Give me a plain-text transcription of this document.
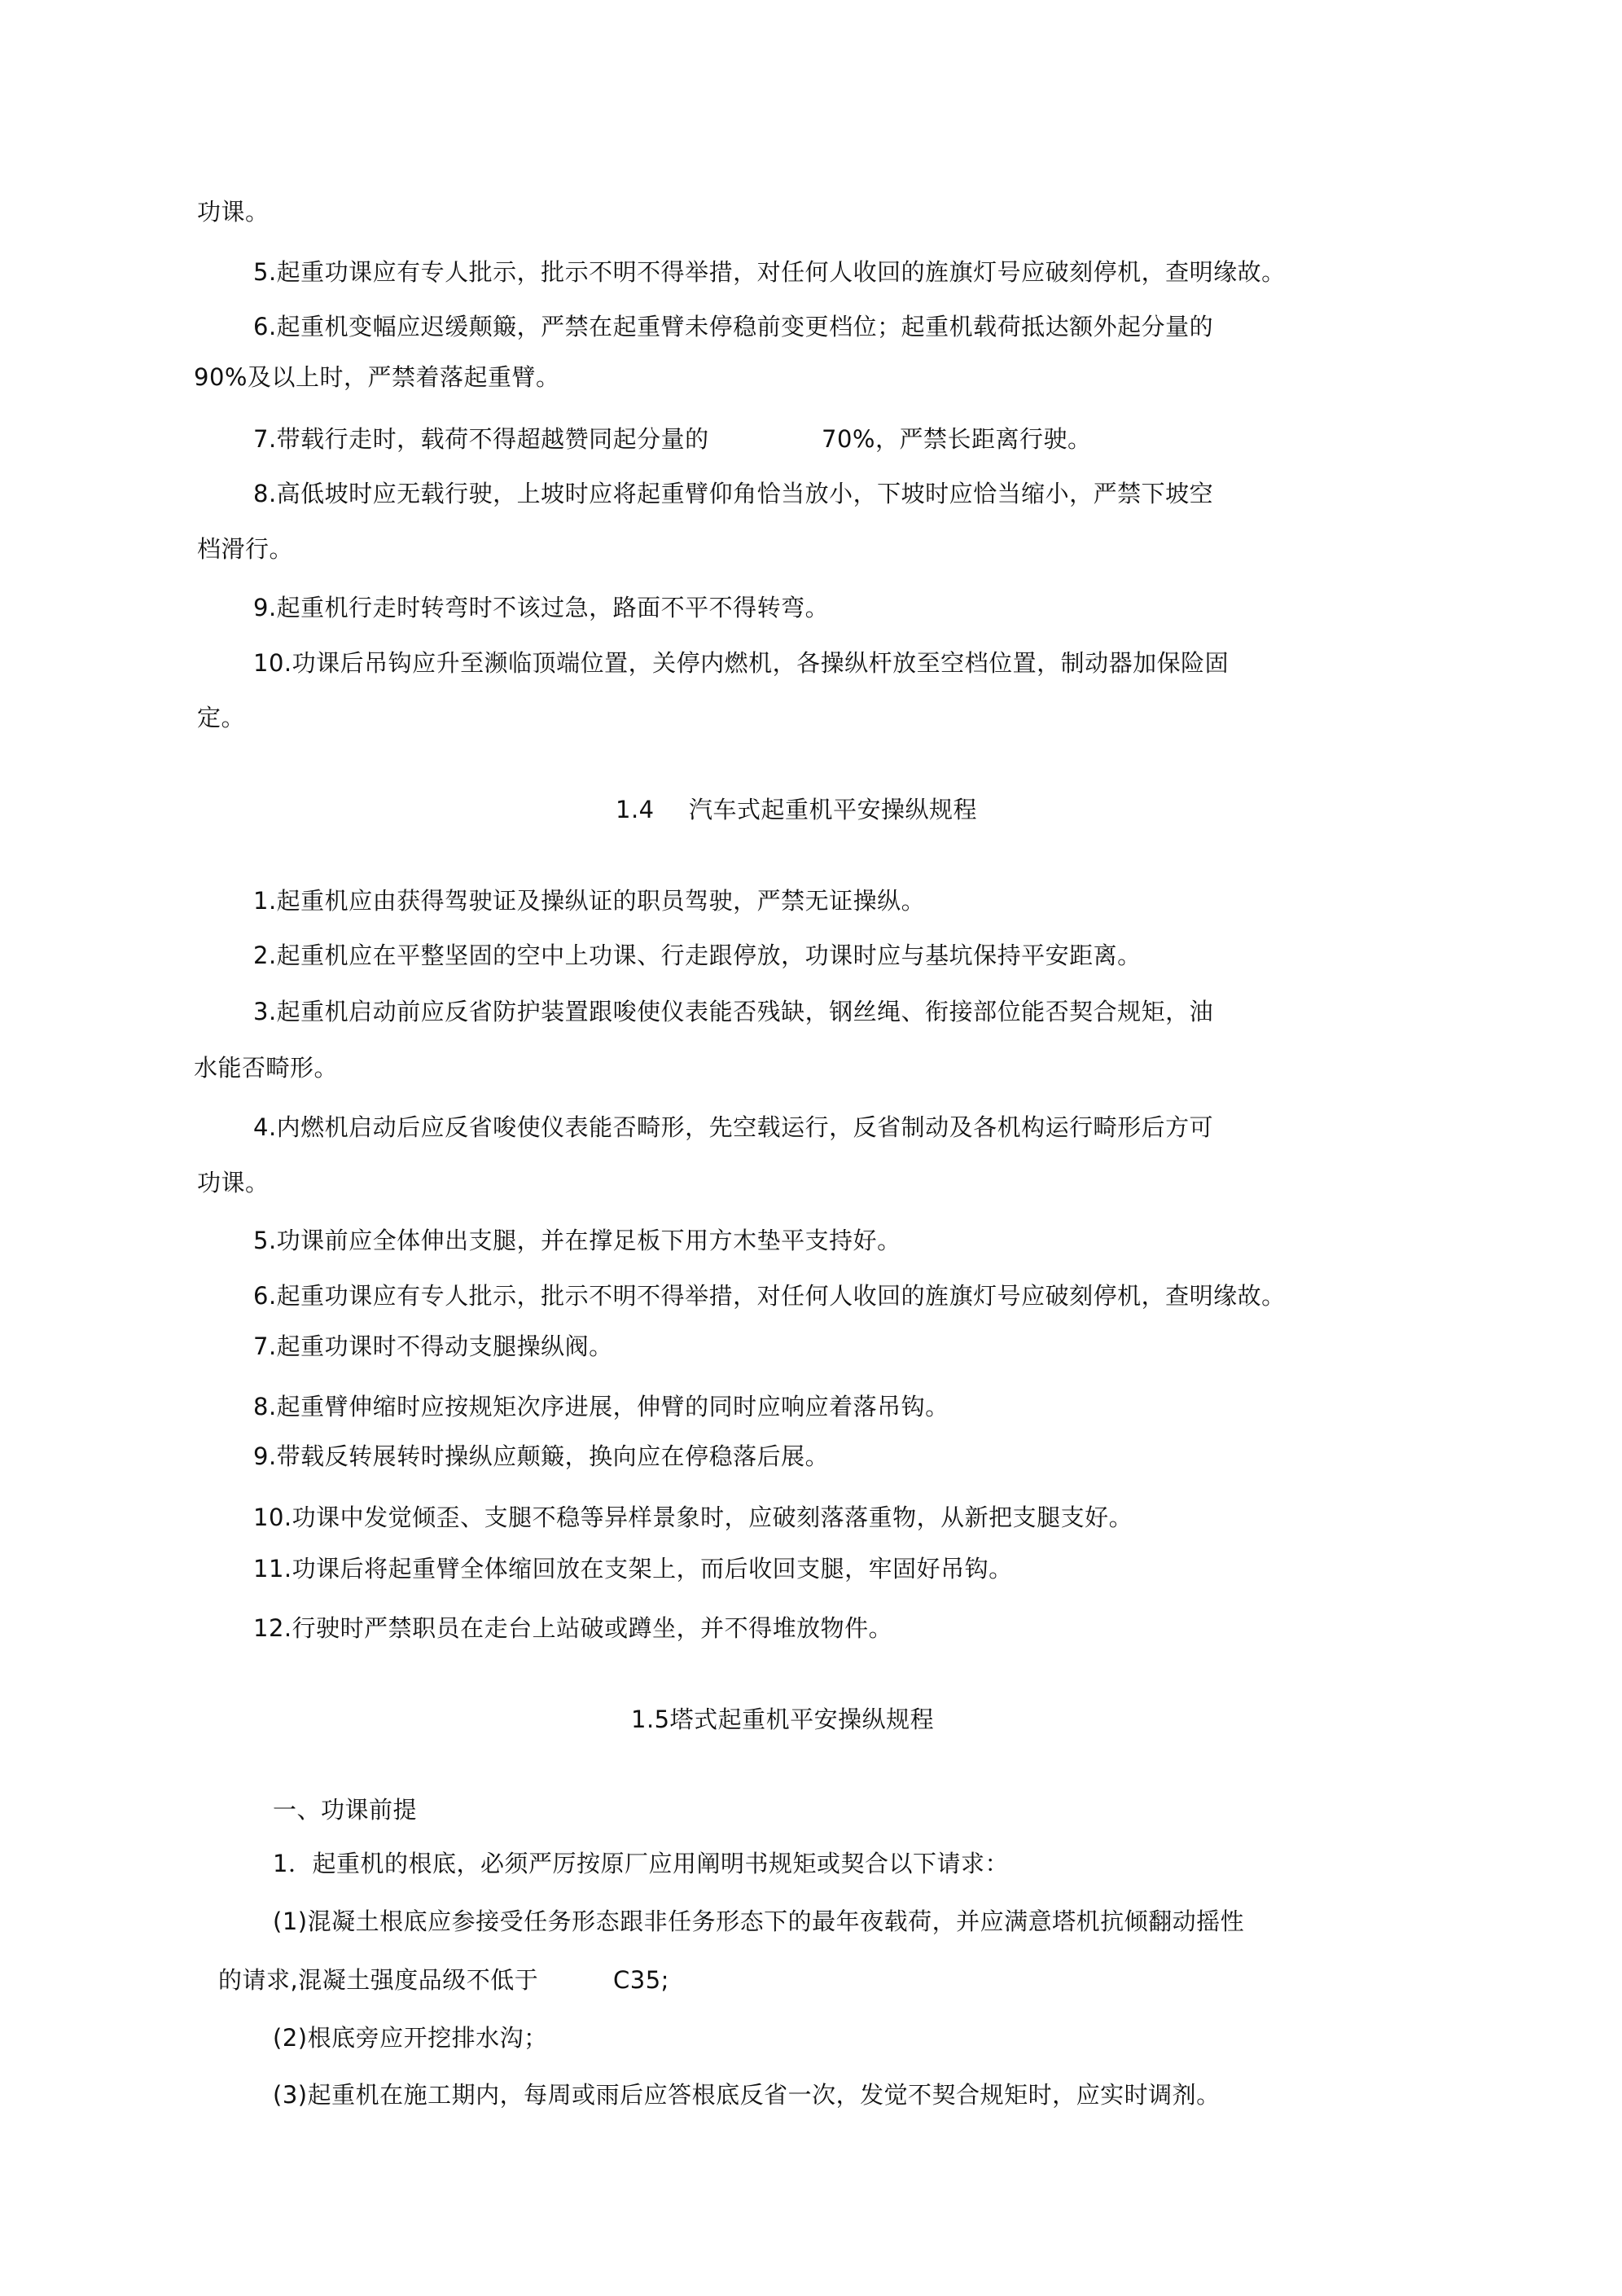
功课。
5.起重功课应有专人批示，批示不明不得举措，对任何人收回的旌旗灯号应破刻停机，查明缘故。
6.起重机变幅应迟缓颠簸，严禁在起重臂未停稳前变更档位；起重机载荷抵达额外起分量的
90%及以上时，严禁着落起重臂。
7.带载行走时，载荷不得超越赞同起分量的	70%，严禁长距离行驶。
8.高低坡时应无载行驶，上坡时应将起重臂仰角恰当放小，下坡时应恰当缩小，严禁下坡空
档滑行。
9.起重机行走时转弯时不该过急，路面不平不得转弯。
10.功课后吊钩应升至濒临顶端位置，关停内燃机，各操纵杆放至空档位置，制动器加保险固
定。
1.4 汽车式起重机平安操纵规程
1.起重机应由获得驾驶证及操纵证的职员驾驶，严禁无证操纵。
2.起重机应在平整坚固的空中上功课、行走跟停放，功课时应与基坑保持平安距离。
3.起重机启动前应反省防护装置跟唆使仪表能否残缺，钢丝绳、衔接部位能否契合规矩，油
水能否畸形。
4.内燃机启动后应反省唆使仪表能否畸形，先空载运行，反省制动及各机构运行畸形后方可
功课。
5.功课前应全体伸出支腿，并在撑足板下用方木垫平支持好。
6.起重功课应有专人批示，批示不明不得举措，对任何人收回的旌旗灯号应破刻停机，查明缘故。
7.起重功课时不得动支腿操纵阀。
8.起重臂伸缩时应按规矩次序进展，伸臂的同时应响应着落吊钩。
9.带载反转展转时操纵应颠簸，换向应在停稳落后展。
10.功课中发觉倾歪、支腿不稳等异样景象时，应破刻落落重物，从新把支腿支好。
11.功课后将起重臂全体缩回放在支架上，而后收回支腿，牢固好吊钩。
12.行驶时严禁职员在走台上站破或蹲坐，并不得堆放物件。
1.5塔式起重机平安操纵规程
一、功课前提
1．起重机的根底，必须严厉按原厂应用阐明书规矩或契合以下请求：
(1)混凝土根底应参接受任务形态跟非任务形态下的最年夜载荷，并应满意塔机抗倾翻动摇性
的请求,混凝土强度品级不低于	C35;
(2)根底旁应开挖排水沟；
(3)起重机在施工期内，每周或雨后应答根底反省一次，发觉不契合规矩时，应实时调剂。
